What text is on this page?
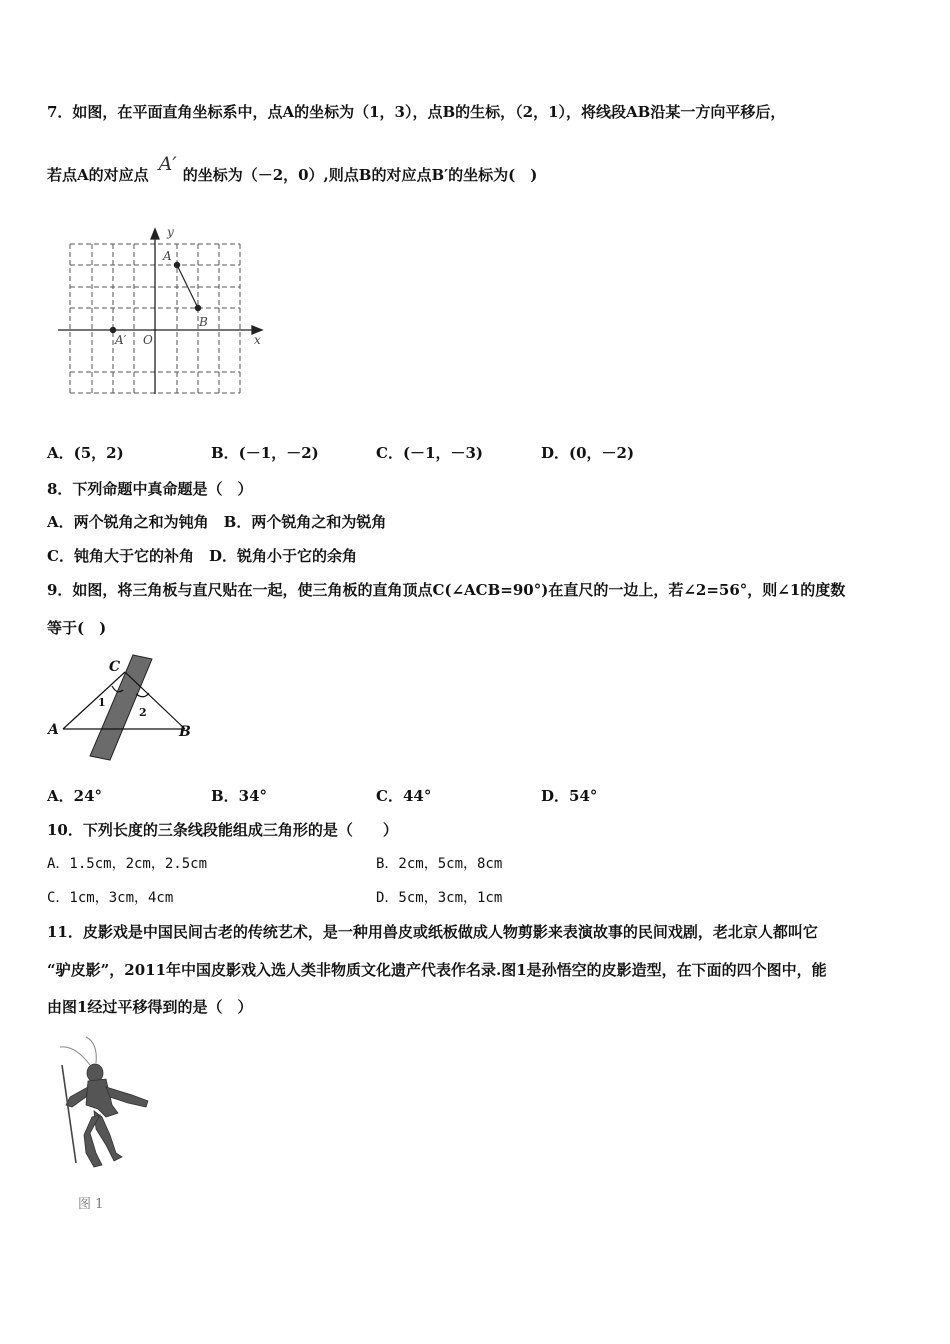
7．如图，在平面直角坐标系中，点A的坐标为（1，3），点B的生标，（2，1），将线段AB沿某一方向平移后，
若点A的对应点 A′ 的坐标为（－2，0）,则点B的对应点B′的坐标为(　)
y
x
O
A
B
A′
A．(5，2)	B．(－1，－2)	C．(－1，－3)	D．(0，－2)
8．下列命题中真命题是（　）
A．两个锐角之和为钝角　B．两个锐角之和为锐角
C．钝角大于它的补角　D．锐角小于它的余角
9．如图，将三角板与直尺贴在一起，使三角板的直角顶点C(∠ACB=90°)在直尺的一边上，若∠2=56°，则∠1的度数
等于(　)
C
A	B
1
2
A．24°	B．34°	C．44°	D．54°
10．下列长度的三条线段能组成三角形的是（　　）
A．1.5cm，2cm，2.5cm	B．2cm，5cm，8cm
C．1cm，3cm，4cm	D．5cm，3cm，1cm
11．皮影戏是中国民间古老的传统艺术，是一种用兽皮或纸板做成人物剪影来表演故事的民间戏剧，老北京人都叫它
“驴皮影”，2011年中国皮影戏入选人类非物质文化遗产代表作名录.图1是孙悟空的皮影造型，在下面的四个图中，能
由图1经过平移得到的是（　）
图 1
